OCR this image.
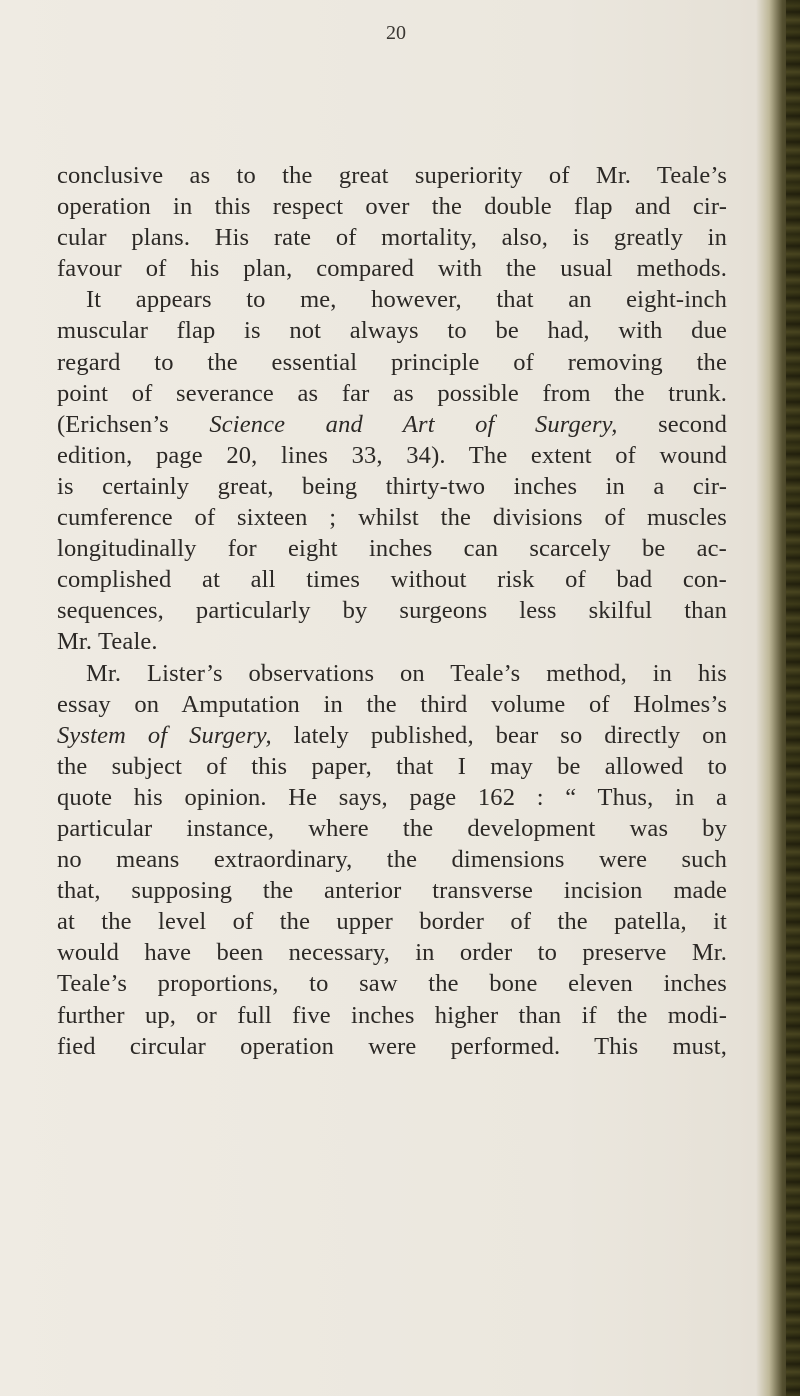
20
conclusive as to the great superiority of Mr. Teale’s
operation in this respect over the double flap and cir-
cular plans. His rate of mortality, also, is greatly in
favour of his plan, compared with the usual methods.
It appears to me, however, that an eight-inch
muscular flap is not always to be had, with due
regard to the essential principle of removing the
point of severance as far as possible from the trunk.
(Erichsen’s Science and Art of Surgery, second
edition, page 20, lines 33, 34). The extent of wound
is certainly great, being thirty-two inches in a cir-
cumference of sixteen ; whilst the divisions of muscles
longitudinally for eight inches can scarcely be ac-
complished at all times without risk of bad con-
sequences, particularly by surgeons less skilful than
Mr. Teale.
Mr. Lister’s observations on Teale’s method, in his
essay on Amputation in the third volume of Holmes’s
System of Surgery, lately published, bear so directly on
the subject of this paper, that I may be allowed to
quote his opinion. He says, page 162 : “ Thus, in a
particular instance, where the development was by
no means extraordinary, the dimensions were such
that, supposing the anterior transverse incision made
at the level of the upper border of the patella, it
would have been necessary, in order to preserve Mr.
Teale’s proportions, to saw the bone eleven inches
further up, or full five inches higher than if the modi-
fied circular operation were performed. This must,
